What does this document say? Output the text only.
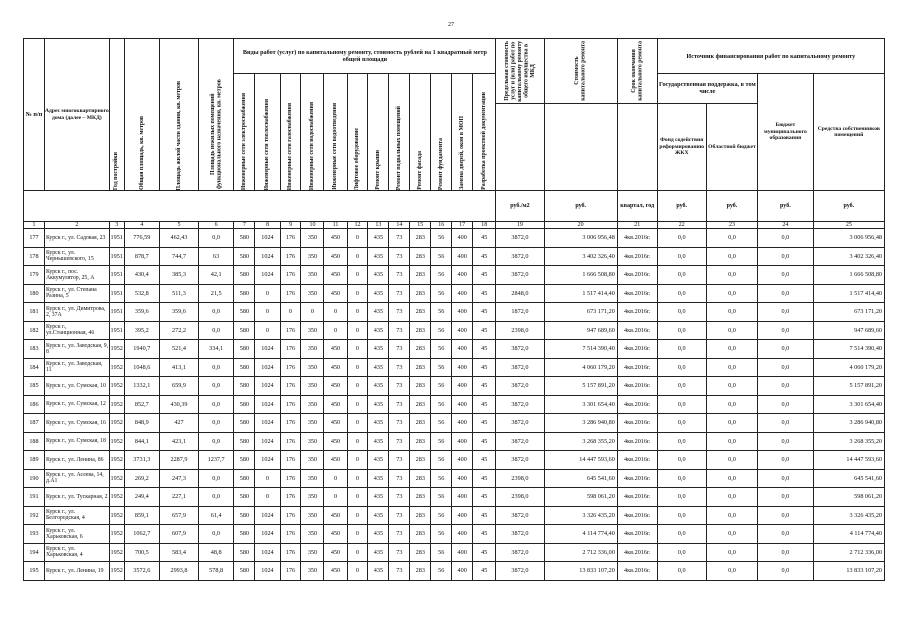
27
№ п/п	Адрес многоквартирного дома (далее – МКД)	Год постройки	Общая площадь, кв. метров	Площадь жилой части здания, кв. метров	Площадь нежилых помещений функционального назначения, кв. метров	Виды работ (услуг) по капитальному ремонту, стоимость рублей на 1 квадратный метр общей площади												Предельная стоимость услуг и (или) работ по капитальному ремонту общего имущества в МКД	Стоимость капитального ремонта	Срок окончания капитального ремонта	Источник финансирования работ по капитальному ремонту			

						Инженерные сети электроснабжения	Инженерные сети теплоснабжения	Инженерные сети газоснабжения	Инженерные сети водоснабжения	Инженерные сети водоотведения	Лифтовое оборудование	Ремонт крыши	Ремонт подвальных помещений	Ремонт фасада	Ремонт фундамента	Замена дверей, окон в МОП	Разработка проектной документации				Государственная поддержка, в том числе		Бюджет муниципального образования	Средства собственников помещений
																					Фонд содействия реформированию ЖКХ	Областной бюджет		
																		руб./м2	руб.	квартал, год	руб.	руб.	руб.	руб.
1	2	3	4	5	6	7	8	9	10	11	12	13	14	15	16	17	18	19	20	21	22	23	24	25
177	Курск г., ул. Садовая, 23	1951	776,59	462,43	0,0	580	1024	176	350	450	0	435	73	283	56	400	45	3872,0	3 006 956,48	4кв.2016г.	0,0	0,0	0,0	3 006 956,48
178	Курск г., ул. Чернышевского, 15	1951	878,7	744,7	63	580	1024	176	350	450	0	435	73	283	56	400	45	3872,0	3 402 326,40	4кв.2016г.	0,0	0,0	0,0	3 402 326,40
179	Курск г., пос. Аккумулятор, 25, А	1951	430,4	385,3	42,1	580	1024	176	350	450	0	435	73	283	56	400	45	3872,0	1 666 508,80	4кв.2016г.	0,0	0,0	0,0	1 666 508,80
180	Курск г., ул. Степана Разина, 5	1951	532,8	511,3	21,5	580	0	176	350	450	0	435	73	283	56	400	45	2848,0	1 517 414,40	4кв.2016г.	0,0	0,0	0,0	1 517 414,40
181	Курск г., ул. Димитрова, 2, 37А	1951	359,6	359,6	0,0	580	0	0	0	0	0	435	73	283	56	400	45	1872,0	673 171,20	4кв.2016г.	0,0	0,0	0,0	673 171,20
182	Курск г., ул.Станционная, 46	1951	395,2	272,2	0,0	580	0	176	350	0	0	435	73	283	56	400	45	2398,0	947 689,60	4кв.2016г.	0,0	0,0	0,0	947 689,60
183	Курск г., ул. Заводская, 9, 8	1952	1940,7	521,4	334,1	580	1024	176	350	450	0	435	73	283	56	400	45	3872,0	7 514 390,40	4кв.2016г.	0,0	0,0	0,0	7 514 390,40
184	Курск г., ул. Заводская, 11	1952	1048,6	413,1	0,0	580	1024	176	350	450	0	435	73	283	56	400	45	3872,0	4 060 179,20	4кв.2016г.	0,0	0,0	0,0	4 060 179,20
185	Курск г., ул. Сумская, 10	1952	1332,1	659,9	0,0	580	1024	176	350	450	0	435	73	283	56	400	45	3872,0	5 157 891,20	4кв.2016г.	0,0	0,0	0,0	5 157 891,20
186	Курск г., ул. Сумская, 12	1952	852,7	430,39	0,0	580	1024	176	350	450	0	435	73	283	56	400	45	3872,0	3 301 654,40	4кв.2016г.	0,0	0,0	0,0	3 301 654,40
187	Курск г., ул. Сумская, 16	1952	848,9	427	0,0	580	1024	176	350	450	0	435	73	283	56	400	45	3872,0	3 286 940,80	4кв.2016г.	0,0	0,0	0,0	3 286 940,80
188	Курск г., ул. Сумская, 18	1952	844,1	423,1	0,0	580	1024	176	350	450	0	435	73	283	56	400	45	3872,0	3 268 355,20	4кв.2016г.	0,0	0,0	0,0	3 268 355,20
189	Курск г., ул. Ленина, 86	1952	3731,3	2287,9	1237,7	580	1024	176	350	450	0	435	73	283	56	400	45	3872,0	14 447 593,60	4кв.2016г.	0,0	0,0	0,0	14 447 593,60
190	Курск г., ул. Асеева, 14, д.А1	1952	269,2	247,3	0,0	580	0	176	350	0	0	435	73	283	56	400	45	2398,0	645 541,60	4кв.2016г.	0,0	0,0	0,0	645 541,60
191	Курск г., ул. Тускарная, 2	1952	249,4	227,1	0,0	580	0	176	350	0	0	435	73	283	56	400	45	2398,0	598 061,20	4кв.2016г.	0,0	0,0	0,0	598 061,20
192	Курск г., ул. Белгородская, 4	1952	859,1	657,9	61,4	580	1024	176	350	450	0	435	73	283	56	400	45	3872,0	3 326 435,20	4кв.2016г.	0,0	0,0	0,0	3 326 435,20
193	Курск г., ул. Харьковская, 6	1952	1062,7	607,9	0,0	580	1024	176	350	450	0	435	73	283	56	400	45	3872,0	4 114 774,40	4кв.2016г.	0,0	0,0	0,0	4 114 774,40
194	Курск г., ул. Харьковская, 4	1952	700,5	583,4	48,8	580	1024	176	350	450	0	435	73	283	56	400	45	3872,0	2 712 336,00	4кв.2016г.	0,0	0,0	0,0	2 712 336,00
195	Курск г., ул. Ленина, 19	1952	3572,6	2993,8	578,8	580	1024	176	350	450	0	435	73	283	56	400	45	3872,0	13 833 107,20	4кв.2016г.	0,0	0,0	0,0	13 833 107,20
